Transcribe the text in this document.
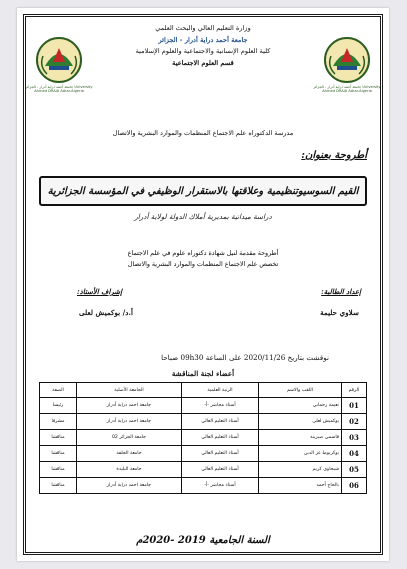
جامعة أحمد دراية أدرار - الجزائر University Ahmed DRAIA Adrar-Algeria
جامعة أحمد دراية أدرار - الجزائر University Ahmed DRAIA Adrar-Algeria
وزارة التعليم العالي والبحث العلمي
جامعة أحمد دراية أدرار - الجزائر
كلية العلوم الإنسانية والاجتماعية والعلوم الإسلامية
قسم العلوم الاجتماعية
مدرسة الدكتوراه علم الاجتماع المنظمات والموارد البشرية والاتصال
أطروحة بعنوان:
القيم السوسيوتنظيمية وعلاقتها بالاستقرار الوظيفي في المؤسسة الجزائرية
دراسة ميدانية بمديرية أملاك الدولة لولاية أدرار
أطروحة مقدمة لنيل شهادة دكتوراه علوم في علم الاجتماع
تخصص علم الاجتماع المنظمات والموارد البشرية والاتصال
إعداد الطالبة:
إشراف الأستاذ:
سلاوي حليمة
أ.د/ بوكميش لعلى
نوقشت بتاريخ 2020/11/26 على الساعة 09h30 صباحا
أعضاء لجنة المناقشة
الرقم	اللقب والاسم	الرتبة العلمية	الجامعة الأصلية	الصفة
01	نعيمة رحماني	أستاذ محاضر -أ-	جامعة احمد دراية أدرار	رئيسا
02	بوكميش لعلى	أستاذ التعليم العالي	جامعة احمد دراية أدرار	مشرفا
03	قاسمي صبرينة	أستاذ التعليم العالي	جامعة الجزائر 02	مناقشا
04	بوكربوط عز الدين	أستاذ التعليم العالي	جامعة الجلفة	مناقشا
05	شيخاوي كريم	أستاذ التعليم العالي	جامعة البليدة	مناقشا
06	بالحاج أحمد	أستاذ محاضر -أ-	جامعة احمد دراية أدرار	مناقشا
السنة الجامعية 2019 -2020م
